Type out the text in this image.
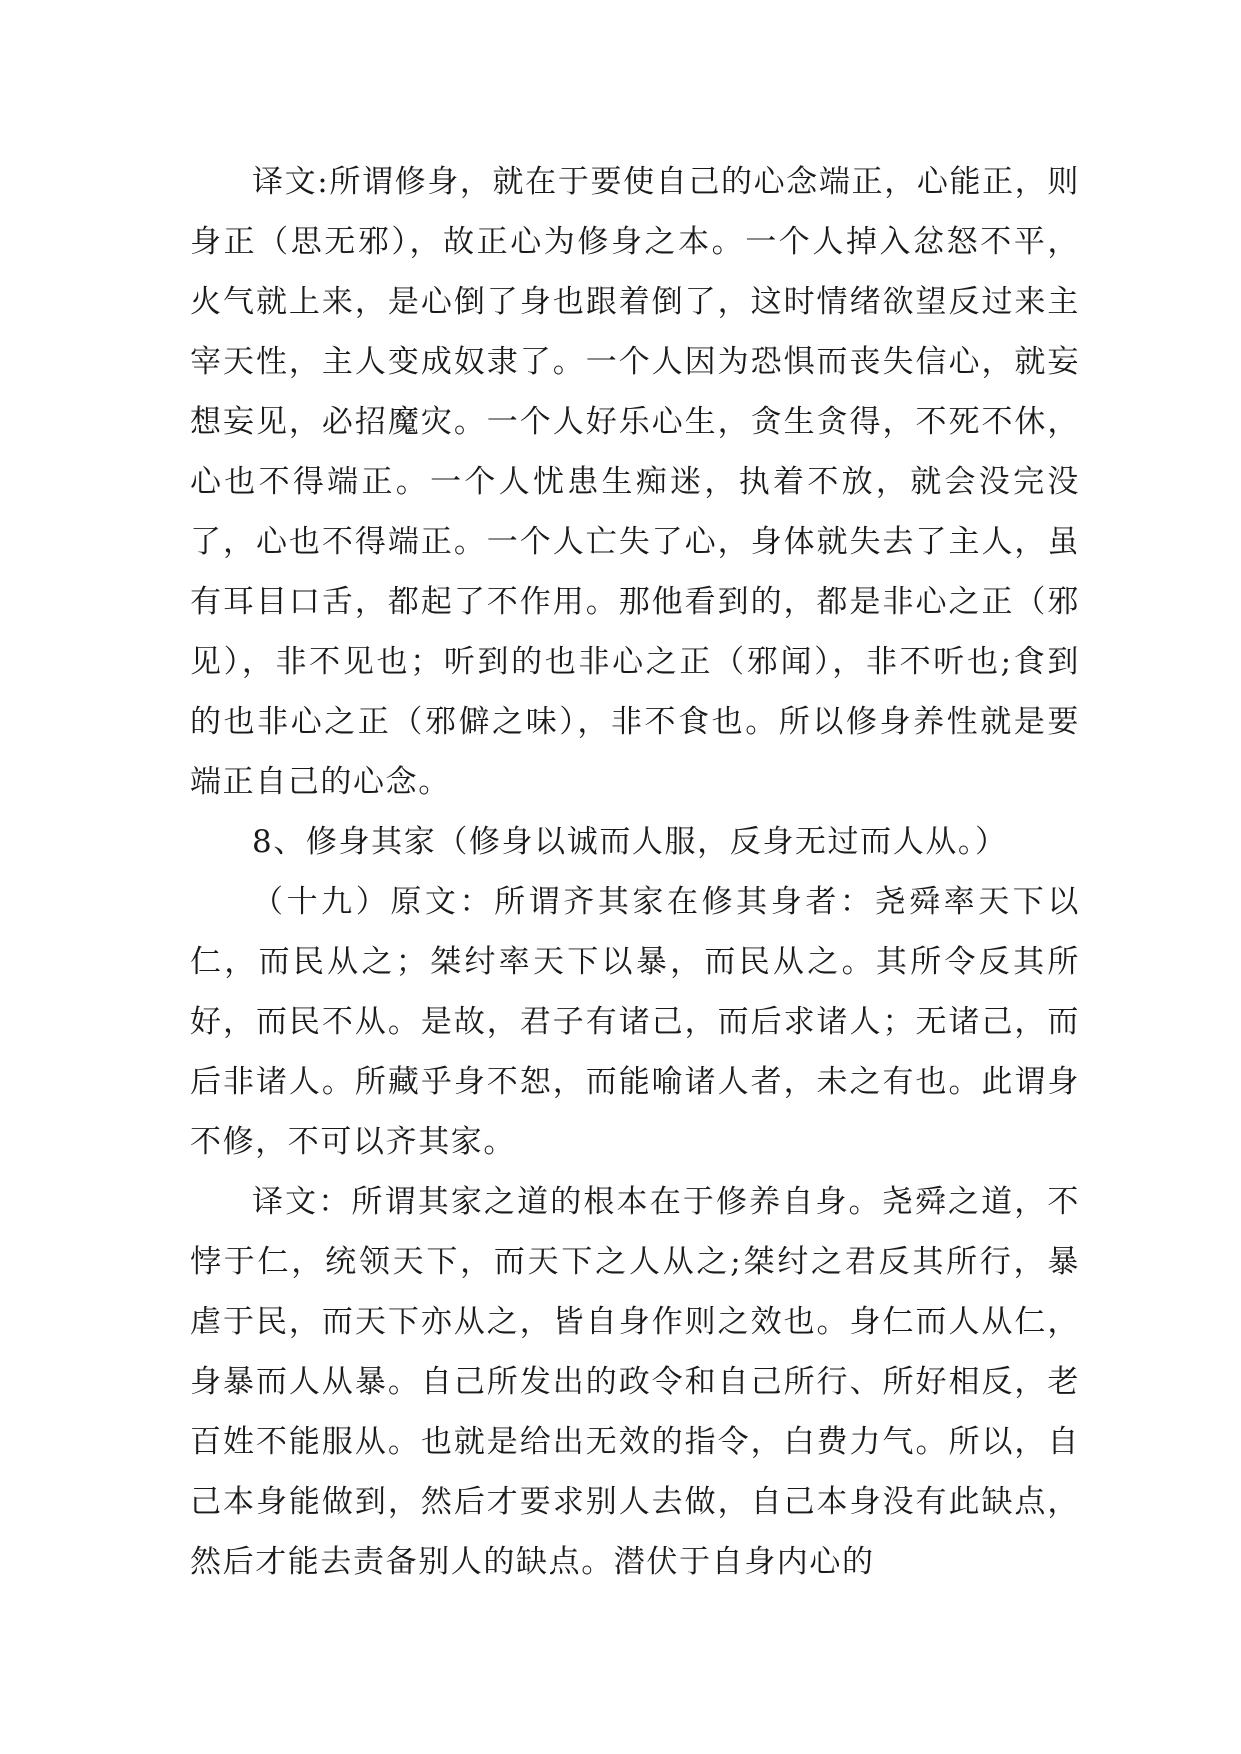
译文:所谓修身，就在于要使自己的心念端正，心能正，则身正（思无邪），故正心为修身之本。一个人掉入忿怒不平，火气就上来，是心倒了身也跟着倒了，这时情绪欲望反过来主宰天性，主人变成奴隶了。一个人因为恐惧而丧失信心，就妄想妄见，必招魔灾。一个人好乐心生，贪生贪得，不死不休，心也不得端正。一个人忧患生痴迷，执着不放，就会没完没了，心也不得端正。一个人亡失了心，身体就失去了主人，虽有耳目口舌，都起了不作用。那他看到的，都是非心之正（邪见），非不见也；听到的也非心之正（邪闻），非不听也;食到的也非心之正（邪僻之味），非不食也。所以修身养性就是要端正自己的心念。

8、修身其家（修身以诚而人服，反身无过而人从。）

（十九）原文：所谓齐其家在修其身者：尧舜率天下以仁，而民从之；桀纣率天下以暴，而民从之。其所令反其所好，而民不从。是故，君子有诸己，而后求诸人；无诸己，而后非诸人。所藏乎身不恕，而能喻诸人者，未之有也。此谓身不修，不可以齐其家。

译文：所谓其家之道的根本在于修养自身。尧舜之道，不悖于仁，统领天下，而天下之人从之;桀纣之君反其所行，暴虐于民，而天下亦从之，皆自身作则之效也。身仁而人从仁，身暴而人从暴。自己所发出的政令和自己所行、所好相反，老百姓不能服从。也就是给出无效的指令，白费力气。所以，自己本身能做到，然后才要求别人去做，自己本身没有此缺点，然后才能去责备别人的缺点。潜伏于自身内心的
